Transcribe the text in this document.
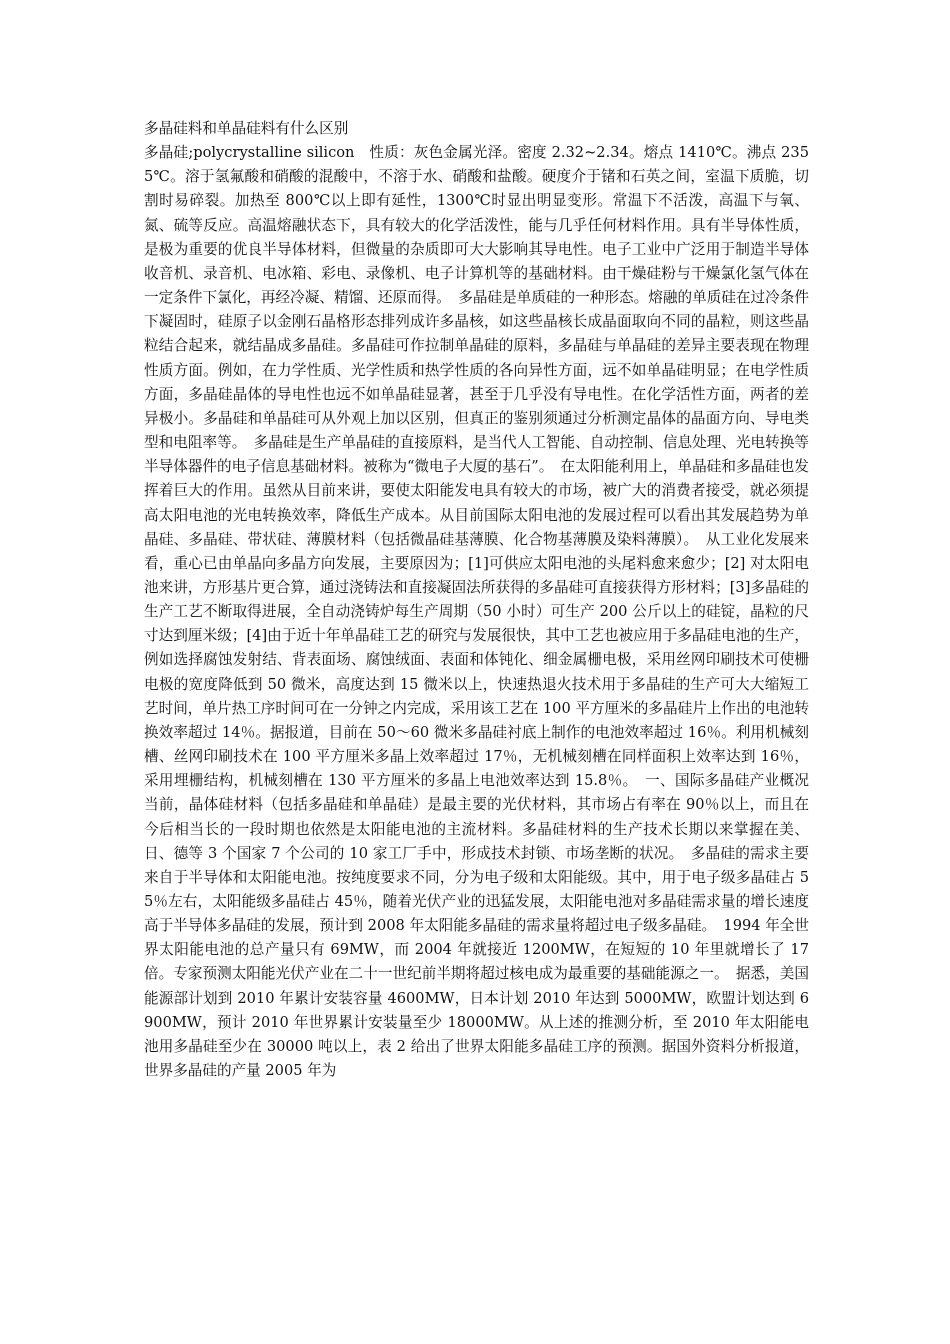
多晶硅料和单晶硅料有什么区别
多晶硅;polycrystalline silicon　性质：灰色金属光泽。密度 2.32~2.34。熔点 1410℃。沸点 2355℃。溶于氢氟酸和硝酸的混酸中，不溶于水、硝酸和盐酸。硬度介于锗和石英之间，室温下质脆，切割时易碎裂。加热至 800℃以上即有延性，1300℃时显出明显变形。常温下不活泼，高温下与氧、氮、硫等反应。高温熔融状态下，具有较大的化学活泼性，能与几乎任何材料作用。具有半导体性质，是极为重要的优良半导体材料，但微量的杂质即可大大影响其导电性。电子工业中广泛用于制造半导体收音机、录音机、电冰箱、彩电、录像机、电子计算机等的基础材料。由干燥硅粉与干燥氯化氢气体在一定条件下氯化，再经冷凝、精馏、还原而得。　多晶硅是单质硅的一种形态。熔融的单质硅在过冷条件下凝固时，硅原子以金刚石晶格形态排列成许多晶核，如这些晶核长成晶面取向不同的晶粒，则这些晶粒结合起来，就结晶成多晶硅。多晶硅可作拉制单晶硅的原料，多晶硅与单晶硅的差异主要表现在物理性质方面。例如，在力学性质、光学性质和热学性质的各向异性方面，远不如单晶硅明显；在电学性质方面，多晶硅晶体的导电性也远不如单晶硅显著，甚至于几乎没有导电性。在化学活性方面，两者的差异极小。多晶硅和单晶硅可从外观上加以区别，但真正的鉴别须通过分析测定晶体的晶面方向、导电类型和电阻率等。　多晶硅是生产单晶硅的直接原料，是当代人工智能、自动控制、信息处理、光电转换等半导体器件的电子信息基础材料。被称为“微电子大厦的基石”。　在太阳能利用上，单晶硅和多晶硅也发挥着巨大的作用。虽然从目前来讲，要使太阳能发电具有较大的市场，被广大的消费者接受，就必须提高太阳电池的光电转换效率，降低生产成本。从目前国际太阳电池的发展过程可以看出其发展趋势为单晶硅、多晶硅、带状硅、薄膜材料（包括微晶硅基薄膜、化合物基薄膜及染料薄膜）。　从工业化发展来看，重心已由单晶向多晶方向发展，主要原因为；[1]可供应太阳电池的头尾料愈来愈少；[2] 对太阳电池来讲，方形基片更合算，通过浇铸法和直接凝固法所获得的多晶硅可直接获得方形材料；[3]多晶硅的生产工艺不断取得进展，全自动浇铸炉每生产周期（50 小时）可生产 200 公斤以上的硅锭，晶粒的尺寸达到厘米级；[4]由于近十年单晶硅工艺的研究与发展很快，其中工艺也被应用于多晶硅电池的生产，例如选择腐蚀发射结、背表面场、腐蚀绒面、表面和体钝化、细金属栅电极，采用丝网印刷技术可使栅电极的宽度降低到 50 微米，高度达到 15 微米以上，快速热退火技术用于多晶硅的生产可大大缩短工艺时间，单片热工序时间可在一分钟之内完成，采用该工艺在 100 平方厘米的多晶硅片上作出的电池转换效率超过 14％。据报道，目前在 50～60 微米多晶硅衬底上制作的电池效率超过 16％。利用机械刻槽、丝网印刷技术在 100 平方厘米多晶上效率超过 17％，无机械刻槽在同样面积上效率达到 16％，采用埋栅结构，机械刻槽在 130 平方厘米的多晶上电池效率达到 15.8％。　一、国际多晶硅产业概况　当前，晶体硅材料（包括多晶硅和单晶硅）是最主要的光伏材料，其市场占有率在 90％以上，而且在今后相当长的一段时期也依然是太阳能电池的主流材料。多晶硅材料的生产技术长期以来掌握在美、日、德等 3 个国家 7 个公司的 10 家工厂手中，形成技术封锁、市场垄断的状况。　多晶硅的需求主要来自于半导体和太阳能电池。按纯度要求不同，分为电子级和太阳能级。其中，用于电子级多晶硅占 55％左右，太阳能级多晶硅占 45％，随着光伏产业的迅猛发展，太阳能电池对多晶硅需求量的增长速度高于半导体多晶硅的发展，预计到 2008 年太阳能多晶硅的需求量将超过电子级多晶硅。　1994 年全世界太阳能电池的总产量只有 69MW，而 2004 年就接近 1200MW，在短短的 10 年里就增长了 17 倍。专家预测太阳能光伏产业在二十一世纪前半期将超过核电成为最重要的基础能源之一。　据悉，美国能源部计划到 2010 年累计安装容量 4600MW，日本计划 2010 年达到 5000MW，欧盟计划达到 6900MW，预计 2010 年世界累计安装量至少 18000MW。从上述的推测分析，至 2010 年太阳能电池用多晶硅至少在 30000 吨以上，表 2 给出了世界太阳能多晶硅工序的预测。据国外资料分析报道，世界多晶硅的产量 2005 年为
